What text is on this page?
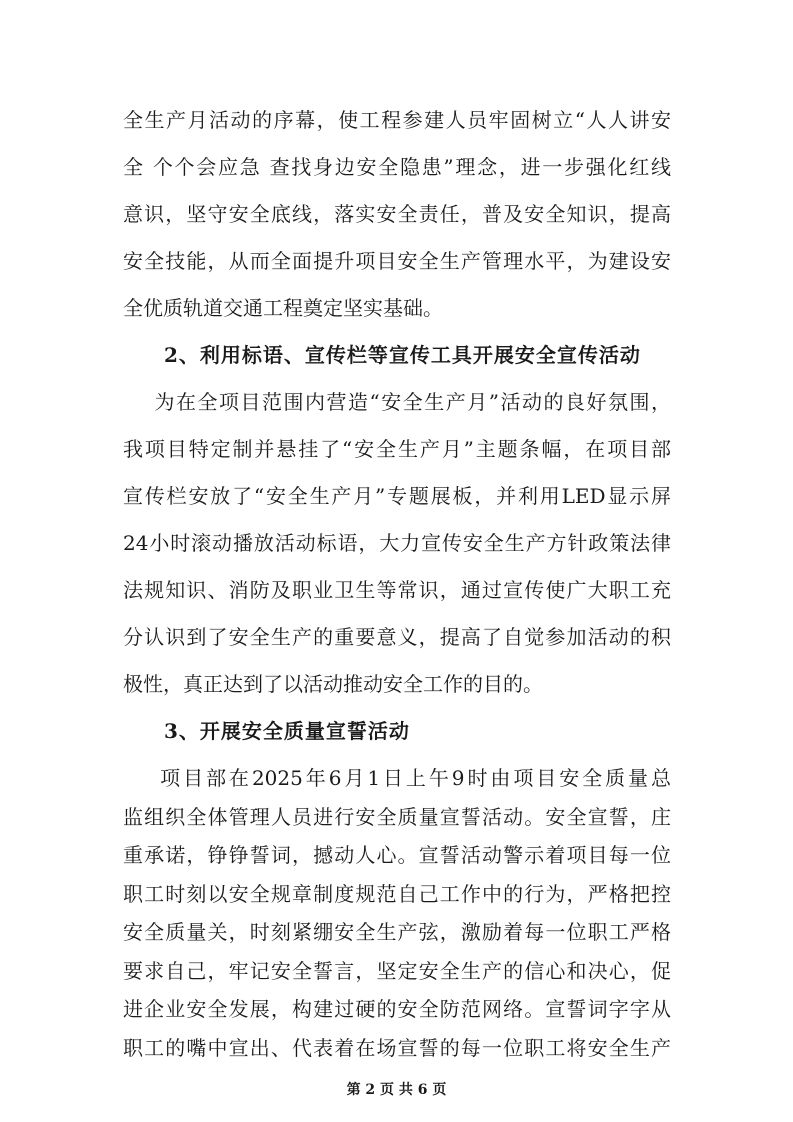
全生产月活动的序幕，使工程参建人员牢固树立“人人讲安
全 个个会应急 查找身边安全隐患”理念，进一步强化红线
意识，坚守安全底线，落实安全责任，普及安全知识，提高
安全技能，从而全面提升项目安全生产管理水平，为建设安
全优质轨道交通工程奠定坚实基础。
2、利用标语、宣传栏等宣传工具开展安全宣传活动
为在全项目范围内营造“安全生产月”活动的良好氛围，
我项目特定制并悬挂了“安全生产月”主题条幅，在项目部
宣传栏安放了“安全生产月”专题展板，并利用LED显示屏
24小时滚动播放活动标语，大力宣传安全生产方针政策法律
法规知识、消防及职业卫生等常识，通过宣传使广大职工充
分认识到了安全生产的重要意义，提高了自觉参加活动的积
极性，真正达到了以活动推动安全工作的目的。
3、开展安全质量宣誓活动
项目部在2025年6月1日上午9时由项目安全质量总
监组织全体管理人员进行安全质量宣誓活动。安全宣誓，庄
重承诺，铮铮誓词，撼动人心。宣誓活动警示着项目每一位
职工时刻以安全规章制度规范自己工作中的行为，严格把控
安全质量关，时刻紧绷安全生产弦，激励着每一位职工严格
要求自己，牢记安全誓言，坚定安全生产的信心和决心，促
进企业安全发展，构建过硬的安全防范网络。宣誓词字字从
职工的嘴中宣出、代表着在场宣誓的每一位职工将安全生产
第 2 页 共 6 页
